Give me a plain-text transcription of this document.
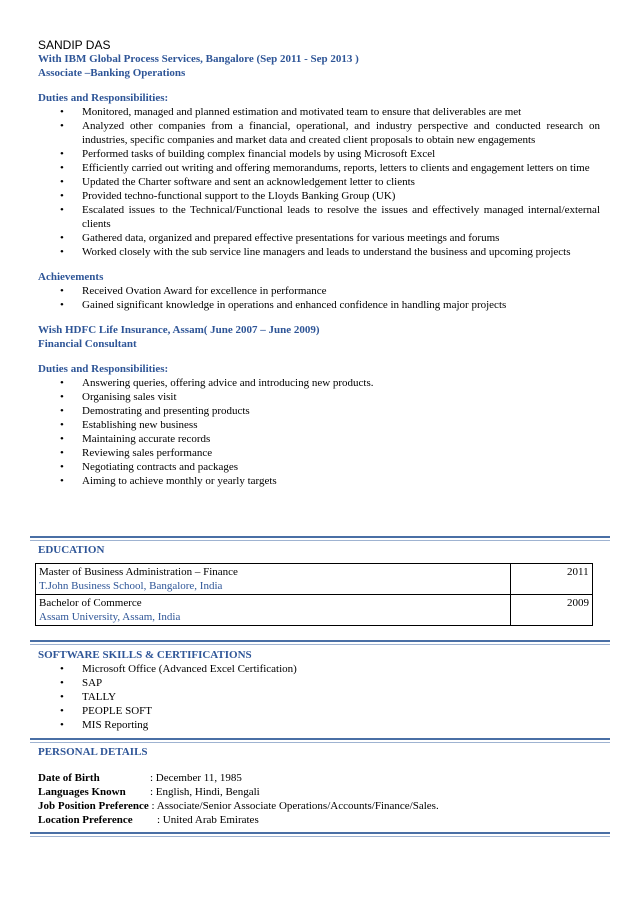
SANDIP DAS
With IBM Global Process Services, Bangalore (Sep 2011 - Sep 2013 )
Associate –Banking Operations
Duties and Responsibilities:
• Monitored, managed and planned estimation and motivated team to ensure that deliverables are met
• Analyzed other companies from a financial, operational, and industry perspective and conducted research on industries, specific companies and market data and created client proposals to obtain new engagements
• Performed tasks of building complex financial models by using Microsoft Excel
• Efficiently carried out writing and offering memorandums, reports, letters to clients and engagement letters on time
• Updated the Charter software and sent an acknowledgement letter to clients
• Provided techno-functional support to the Lloyds Banking Group (UK)
• Escalated issues to the Technical/Functional leads to resolve the issues and effectively managed internal/external clients
• Gathered data, organized and prepared effective presentations for various meetings and forums
• Worked closely with the sub service line managers and leads to understand the business and upcoming projects
Achievements
• Received Ovation Award for excellence in performance
• Gained significant knowledge in operations and enhanced confidence in handling major projects
Wish HDFC Life Insurance, Assam( June 2007 – June 2009)
Financial Consultant
Duties and Responsibilities:
• Answering queries, offering advice and introducing new products.
• Organising sales visit
• Demostrating and presenting products
• Establishing new business
• Maintaining accurate records
• Reviewing sales performance
• Negotiating contracts and packages
• Aiming to achieve monthly or yearly targets
EDUCATION
Master of Business Administration – Finance
T.John Business School, Bangalore, India	2011

Bachelor of Commerce
Assam University, Assam, India	2009
SOFTWARE SKILLS & CERTIFICATIONS
• Microsoft Office (Advanced Excel Certification)
• SAP
• TALLY
• PEOPLE SOFT
• MIS Reporting
PERSONAL DETAILS
Date of Birth	: December 11, 1985
Languages Known : English, Hindi, Bengali
Job Position Preference : Associate/Senior Associate Operations/Accounts/Finance/Sales.
Location Preference : United Arab Emirates
